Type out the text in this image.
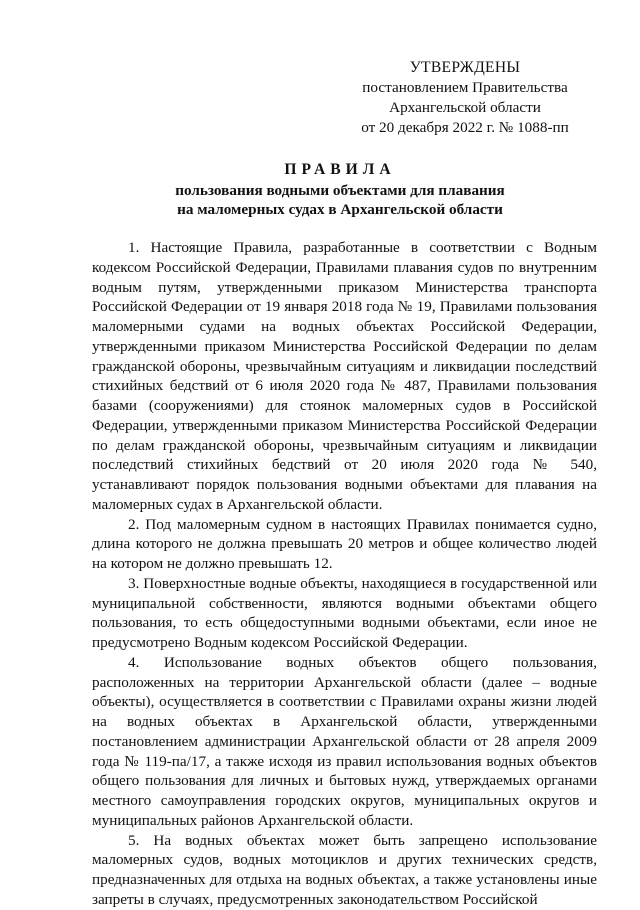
УТВЕРЖДЕНЫ
постановлением Правительства
Архангельской области
от 20 декабря 2022 г. № 1088-пп
ПРАВИЛА
пользования водными объектами для плавания
на маломерных судах в Архангельской области

1. Настоящие Правила, разработанные в соответствии с Водным кодексом Российской Федерации, Правилами плавания судов по внутренним водным путям, утвержденными приказом Министерства транспорта Российской Федерации от 19 января 2018 года № 19, Правилами пользования маломерными судами на водных объектах Российской Федерации, утвержденными приказом Министерства Российской Федерации по делам гражданской обороны, чрезвычайным ситуациям и ликвидации последствий стихийных бедствий от 6 июля 2020 года № 487, Правилами пользования базами (сооружениями) для стоянок маломерных судов в Российской Федерации, утвержденными приказом Министерства Российской Федерации по делам гражданской обороны, чрезвычайным ситуациям и ликвидации последствий стихийных бедствий от 20 июля 2020 года № 540, устанавливают порядок пользования водными объектами для плавания на маломерных судах в Архангельской области.

2. Под маломерным судном в настоящих Правилах понимается судно, длина которого не должна превышать 20 метров и общее количество людей на котором не должно превышать 12.

3. Поверхностные водные объекты, находящиеся в государственной или муниципальной собственности, являются водными объектами общего пользования, то есть общедоступными водными объектами, если иное не предусмотрено Водным кодексом Российской Федерации.

4. Использование водных объектов общего пользования, расположенных на территории Архангельской области (далее – водные объекты), осуществляется в соответствии с Правилами охраны жизни людей на водных объектах в Архангельской области, утвержденными постановлением администрации Архангельской области от 28 апреля 2009 года № 119-па/17, а также исходя из правил использования водных объектов общего пользования для личных и бытовых нужд, утверждаемых органами местного самоуправления городских округов, муниципальных округов и муниципальных районов Архангельской области.

5. На водных объектах может быть запрещено использование маломерных судов, водных мотоциклов и других технических средств, предназначенных для отдыха на водных объектах, а также установлены иные запреты в случаях, предусмотренных законодательством Российской
